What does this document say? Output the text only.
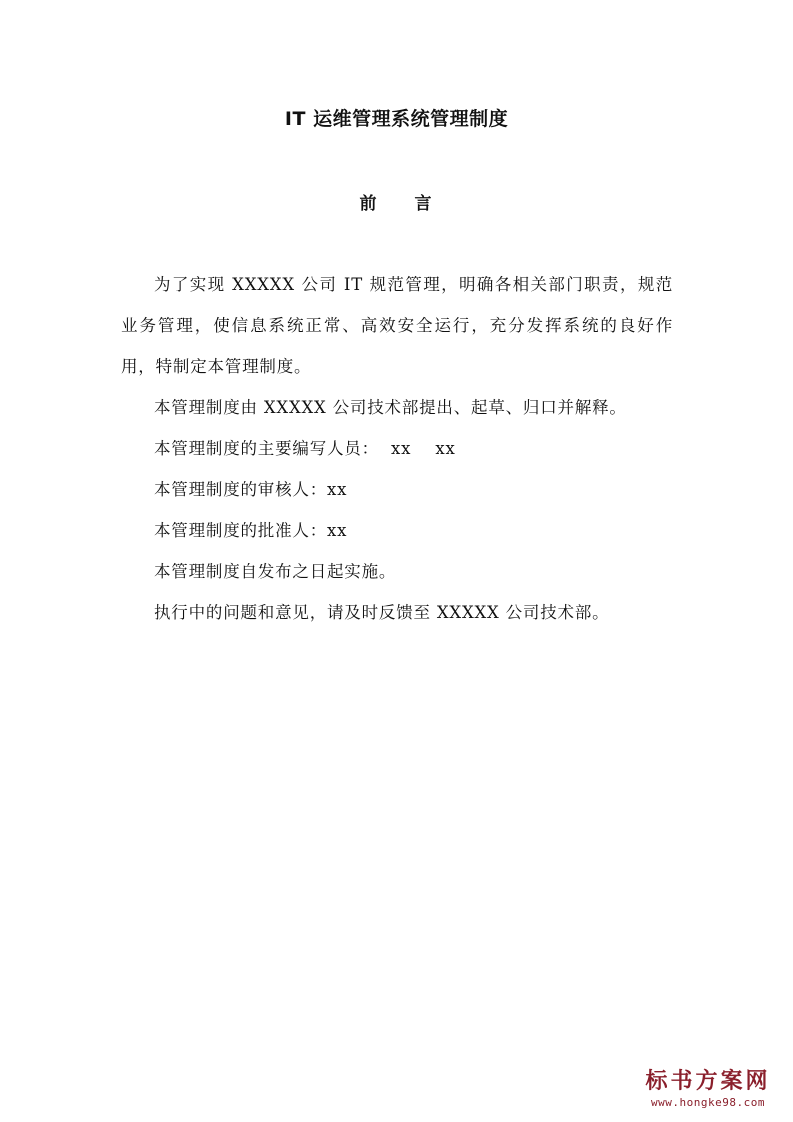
IT 运维管理系统管理制度
前 言

为了实现 XXXXX 公司 IT 规范管理，明确各相关部门职责，规范业务管理，使信息系统正常、高效安全运行，充分发挥系统的良好作用，特制定本管理制度。

本管理制度由 XXXXX 公司技术部提出、起草、归口并解释。

本管理制度的主要编写人员：  xx    xx

本管理制度的审核人：xx

本管理制度的批准人：xx

本管理制度自发布之日起实施。

执行中的问题和意见，请及时反馈至 XXXXX 公司技术部。

标书方案网
www.hongke98.com
